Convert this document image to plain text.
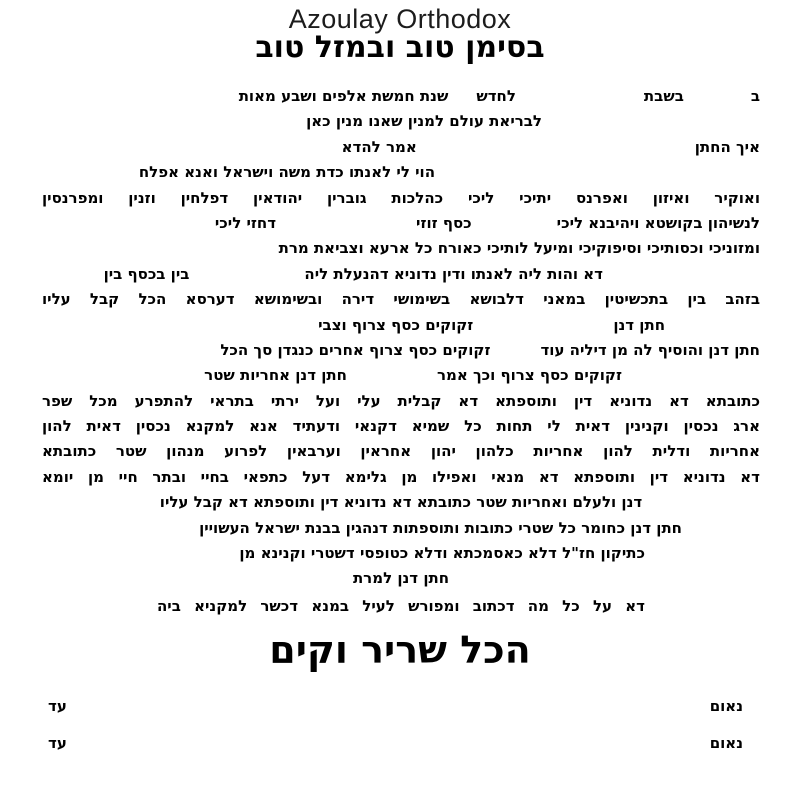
Azoulay Orthodox
בסימן טוב ובמזל טוב
ב
בשבת
לחדש
שנת חמשת אלפים ושבע מאות
לבריאת עולם למנין שאנו מנין כאן
איך החתן
אמר להדא
הוי לי לאנתו כדת משה וישראל ואנא אפלח
ואוקיר ואיזון ואפרנס יתיכי ליכי כהלכות גוברין יהודאין דפלחין וזנין ומפרנסין
לנשיהון בקושטא ויהיבנא ליכי
כסף זוזי
דחזי ליכי
ומזוניכי וכסותיכי וסיפוקיכי ומיעל לותיכי כאורח כל ארעא וצביאת מרת
דא והות ליה לאנתו ודין נדוניא דהנעלת ליה
בין בכסף בין
בזהב בין בתכשיטין במאני דלבושא בשימושי דירה ובשימושא דערסא הכל קבל עליו
חתן דנן
זקוקים כסף צרוף וצבי
חתן דנן והוסיף לה מן דיליה עוד
זקוקים כסף צרוף אחרים כנגדן סך הכל
זקוקים כסף צרוף וכך אמר
חתן דנן אחריות שטר
כתובתא דא נדוניא דין ותוספתא דא קבלית עלי ועל ירתי בתראי להתפרע מכל שפר
ארג נכסין וקנינין דאית לי תחות כל שמיא דקנאי ודעתיד אנא למקנא נכסין דאית להון
אחריות ודלית להון אחריות כלהון יהון אחראין וערבאין לפרוע מנהון שטר כתובתא
דא נדוניא דין ותוספתא דא מנאי ואפילו מן גלימא דעל כתפאי בחיי ובתר חיי מן יומא
דנן ולעלם ואחריות שטר כתובתא דא נדוניא דין ותוספתא דא קבל עליו
חתן דנן כחומר כל שטרי כתובות ותוספתות דנהגין בבנת ישראל העשויין
כתיקון חז"ל דלא כאסמכתא ודלא כטופסי דשטרי וקנינא מן
חתן דנן למרת
דא על כל מה דכתוב ומפורש לעיל במנא דכשר למקניא ביה
הכל שריר וקים
נאום
עד
נאום
עד
